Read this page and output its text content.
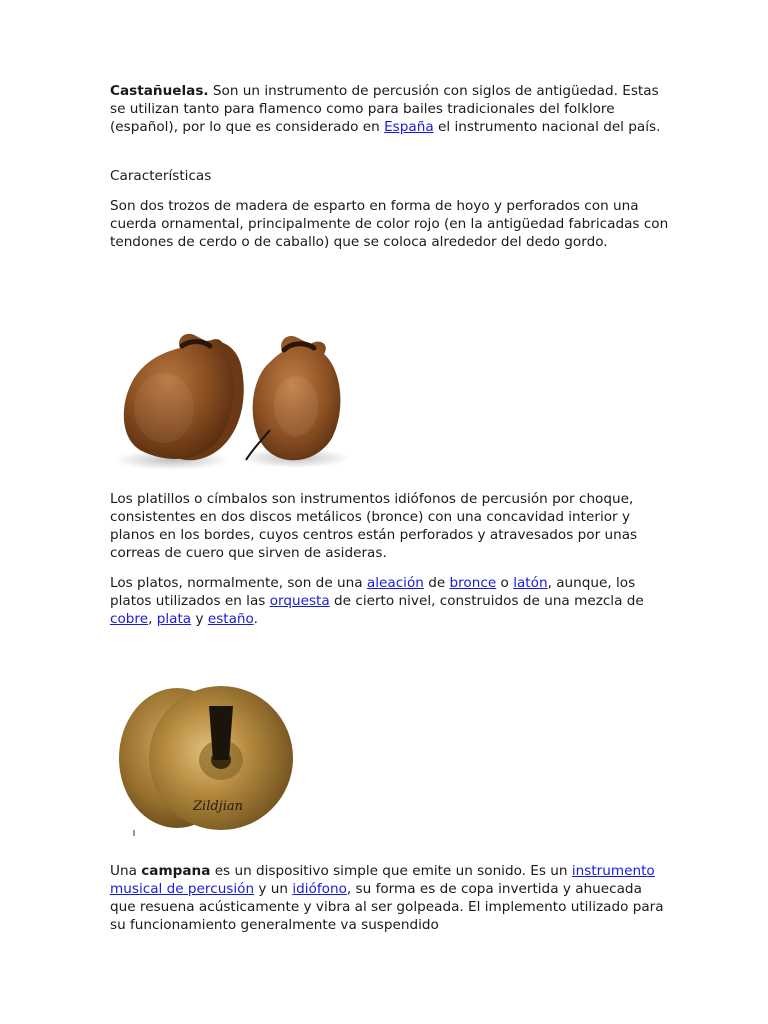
Castañuelas. Son un instrumento de percusión con siglos de antigüedad. Estas se utilizan tanto para flamenco como para bailes tradicionales del folklore (español), por lo que es considerado en España el instrumento nacional del país.

Características

Son dos trozos de madera de esparto en forma de hoyo y perforados con una cuerda ornamental, principalmente de color rojo (en la antigüedad fabricadas con tendones de cerdo o de caballo) que se coloca alrededor del dedo gordo.

Los platillos o címbalos son instrumentos idiófonos de percusión por choque, consistentes en dos discos metálicos (bronce) con una concavidad interior y planos en los bordes, cuyos centros están perforados y atravesados por unas correas de cuero que sirven de asideras.

Los platos, normalmente, son de una aleación de bronce o latón, aunque, los platos utilizados en las orquesta de cierto nivel, construidos de una mezcla de cobre, plata y estaño.

Zildjian

Una campana es un dispositivo simple que emite un sonido. Es un instrumento musical de percusión y un idiófono, su forma es de copa invertida y ahuecada que resuena acústicamente y vibra al ser golpeada. El implemento utilizado para su funcionamiento generalmente va suspendido
